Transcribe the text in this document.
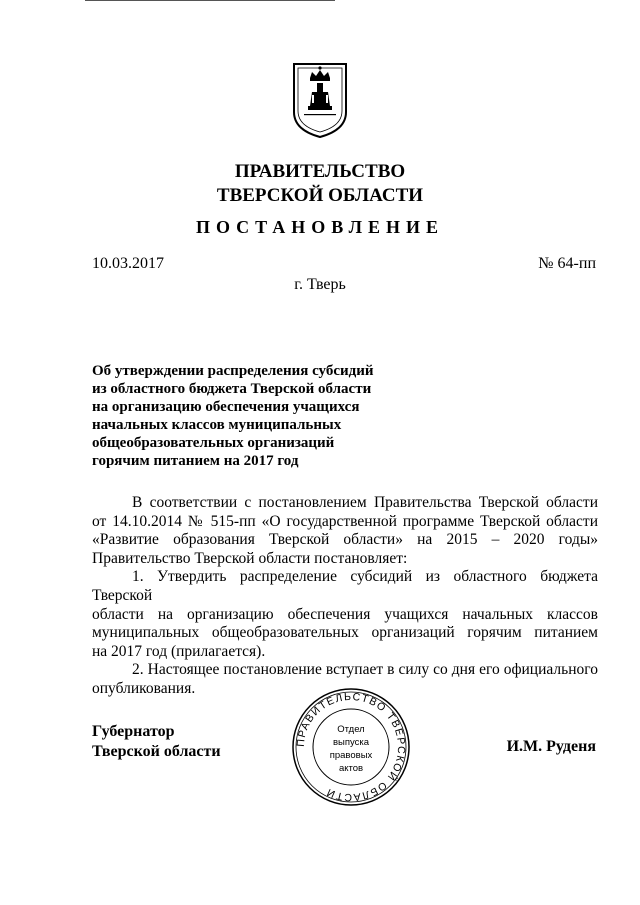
ПРАВИТЕЛЬСТВО
ТВЕРСКОЙ ОБЛАСТИ
ПОСТАНОВЛЕНИЕ
10.03.2017	№ 64-пп
г. Тверь
Об утверждении распределения субсидий
из областного бюджета Тверской области
на организацию обеспечения учащихся
начальных классов муниципальных
общеобразовательных организаций
горячим питанием на 2017 год

В соответствии с постановлением Правительства Тверской области
от 14.10.2014 № 515-пп «О государственной программе Тверской области
«Развитие образования Тверской области» на 2015 – 2020 годы»
Правительство Тверской области постановляет:

1. Утвердить распределение субсидий из областного бюджета Тверской
области на организацию обеспечения учащихся начальных классов
муниципальных общеобразовательных организаций горячим питанием
на 2017 год (прилагается).

2. Настоящее постановление вступает в силу со дня его официального
опубликования.

Губернатор
Тверской области
ПРАВИТЕЛЬСТВО ТВЕРСКОЙ ОБЛАСТИ
Отдел
выпуска
правовых
актов
И.М. Руденя
